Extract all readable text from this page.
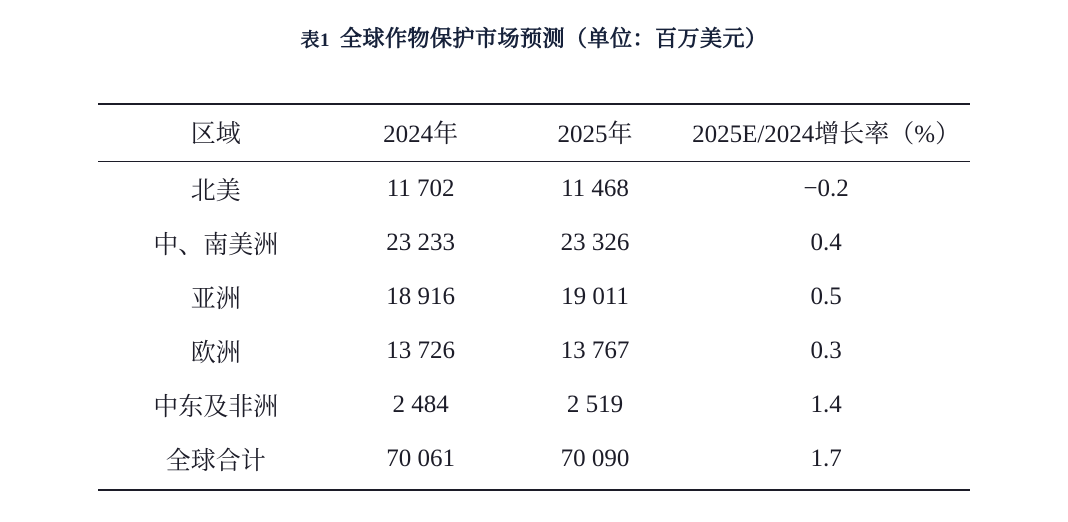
表1 全球作物保护市场预测（单位：百万美元）
区域	2024年	2025年	2025E/2024增长率（%）
北美	11 702	11 468	−0.2
中、南美洲	23 233	23 326	0.4
亚洲	18 916	19 011	0.5
欧洲	13 726	13 767	0.3
中东及非洲	2 484	2 519	1.4
全球合计	70 061	70 090	1.7
